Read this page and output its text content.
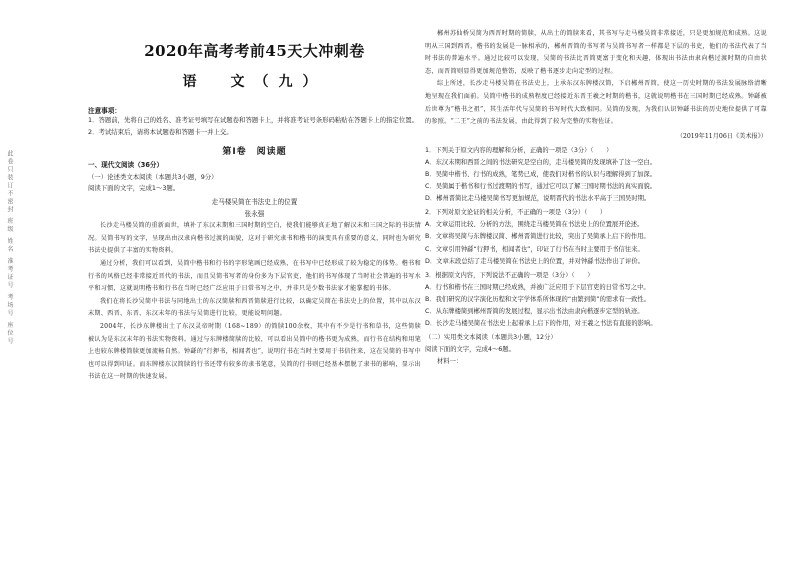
此卷只装订不密封 班级 姓名 准考证号 考场号 座位号
2020年高考考前45天大冲刺卷
语　文（九）
注意事项：
1．答题前，先将自己的姓名、准考证号填写在试题卷和答题卡上，并将准考证号条形码粘贴在答题卡上的指定位置。
2．考试结束后，请将本试题卷和答题卡一并上交。
第Ⅰ卷　阅读题
一、现代文阅读（36分）
（一）论述类文本阅读（本题共3小题，9分）
阅读下面的文字，完成1～3题。
走马楼吴简在书法史上的位置
张永强
长沙走马楼吴简的重新面世，填补了东汉末期和三国时期的空白，使我们能够真正地了解汉末和三国之际的书法情况。吴简书写的文字，呈现出由汉隶向楷书过渡的面貌，这对于研究隶书和楷书的演变具有重要的意义，同时也为研究书法史提供了丰富的实物资料。
通过分析，我们可以看到，吴简中楷书和行书的字形笔画已经成熟，在书写中已经形成了较为稳定的体势。楷书和行书的风格已经非常接近晋代的书法，而且吴简书写者的身份多为下层官吏，他们的书写体现了当时社会普遍的书写水平和习惯，这就说明楷书和行书在当时已经广泛应用于日常书写之中，并非只是少数书法家才能掌握的书体。
我们在将长沙吴简中书法与同地出土的东汉简牍和西晋简牍进行比较，以确定吴简在书法史上的位置，其中以东汉末期、西晋、东晋、东汉末年的书法与吴简进行比较，更能说明问题。
2004年，长沙东牌楼出土了东汉灵帝时期（168~189）的简牍100余枚，其中有不少是行书和草书，这些简牍被认为是东汉末年的书法实物资料。通过与东牌楼简牍的比较，可以看出吴简中的楷书更为成熟，而行书在结构和用笔上也较东牌楼简牍更加流畅自然。钟繇的“行狎书，相闻者也”，说明行书在当时主要用于书信往来，这在吴简的书写中也可以得到印证。而东牌楼东汉简牍的行书还带有较多的隶书笔意，吴简的行书则已经基本摆脱了隶书的影响，显示出书法在这一时期的快速发展。
郴州苏仙桥吴简为西晋时期的简牍，从出土的简牍来看，其书写与走马楼吴简非常接近，只是更加规范和成熟。这说明从三国到西晋，楷书的发展是一脉相承的，郴州晋简的书写者与吴简书写者一样都是下层的书吏，他们的书法代表了当时书法的普遍水平。通过比较可以发现，吴简的书法比晋简更富于变化和天趣，体现出书法由隶向楷过渡时期的自由状态，而晋简则显得更加规范整饬，反映了楷书逐步走向定型的过程。
综上所述，长沙走马楼吴简在书法史上，上承东汉东牌楼汉简，下启郴州晋简，使这一历史时期的书法发展脉络清晰地呈现在我们面前。吴简中楷书的成熟程度已经接近东晋王羲之时期的楷书，这就说明楷书在三国时期已经成熟。钟繇被后世尊为“楷书之祖”，其生活年代与吴简的书写时代大致相同。吴简的发现，为我们认识钟繇书法的历史地位提供了可靠的参照。“二王”之前的书法发展，由此得到了较为完整的实物佐证。
（2019年11月06日《美术报》）
1．下列关于原文内容的理解和分析，正确的一项是（3分）（　　）
A．东汉末期和西晋之间的书法研究是空白的，走马楼吴简的发现填补了这一空白。
B．吴简中楷书、行书的成熟，笔势已成，使我们对楷书的认识与理解得到了加深。
C．吴简属于楷书和行书过渡期的书写，通过它可以了解三国时期书法的真实面貌。
D．郴州晋简比走马楼吴简书写更加规范，说明晋代的书法水平高于三国吴时期。
2．下列对原文论证的相关分析，不正确的一项是（3分）（　　）
A．文章运用比较、分析的方法，围绕走马楼吴简在书法史上的位置展开论述。
B．文章将吴简与东牌楼汉简、郴州晋简进行比较，突出了吴简承上启下的作用。
C．文章引用钟繇“行狎书，相闻者也”，印证了行书在当时主要用于书信往来。
D．文章末段总结了走马楼吴简在书法史上的位置，并对钟繇书法作出了评价。
3．根据原文内容，下列说法不正确的一项是（3分）（　　）
A．行书和楷书在三国时期已经成熟，并被广泛应用于下层官吏的日常书写之中。
B．我们研究的汉字演化历程和文字学体系所体现的“由繁到简”的需求有一致性。
C．从东牌楼简到郴州晋简的发展过程，显示出书法由隶向楷逐步定型的轨迹。
D．长沙走马楼吴简在书法史上起着承上启下的作用，对王羲之书法有直接的影响。
（二）实用类文本阅读（本题共3小题，12分）
阅读下面的文字，完成4～6题。
材料一：
